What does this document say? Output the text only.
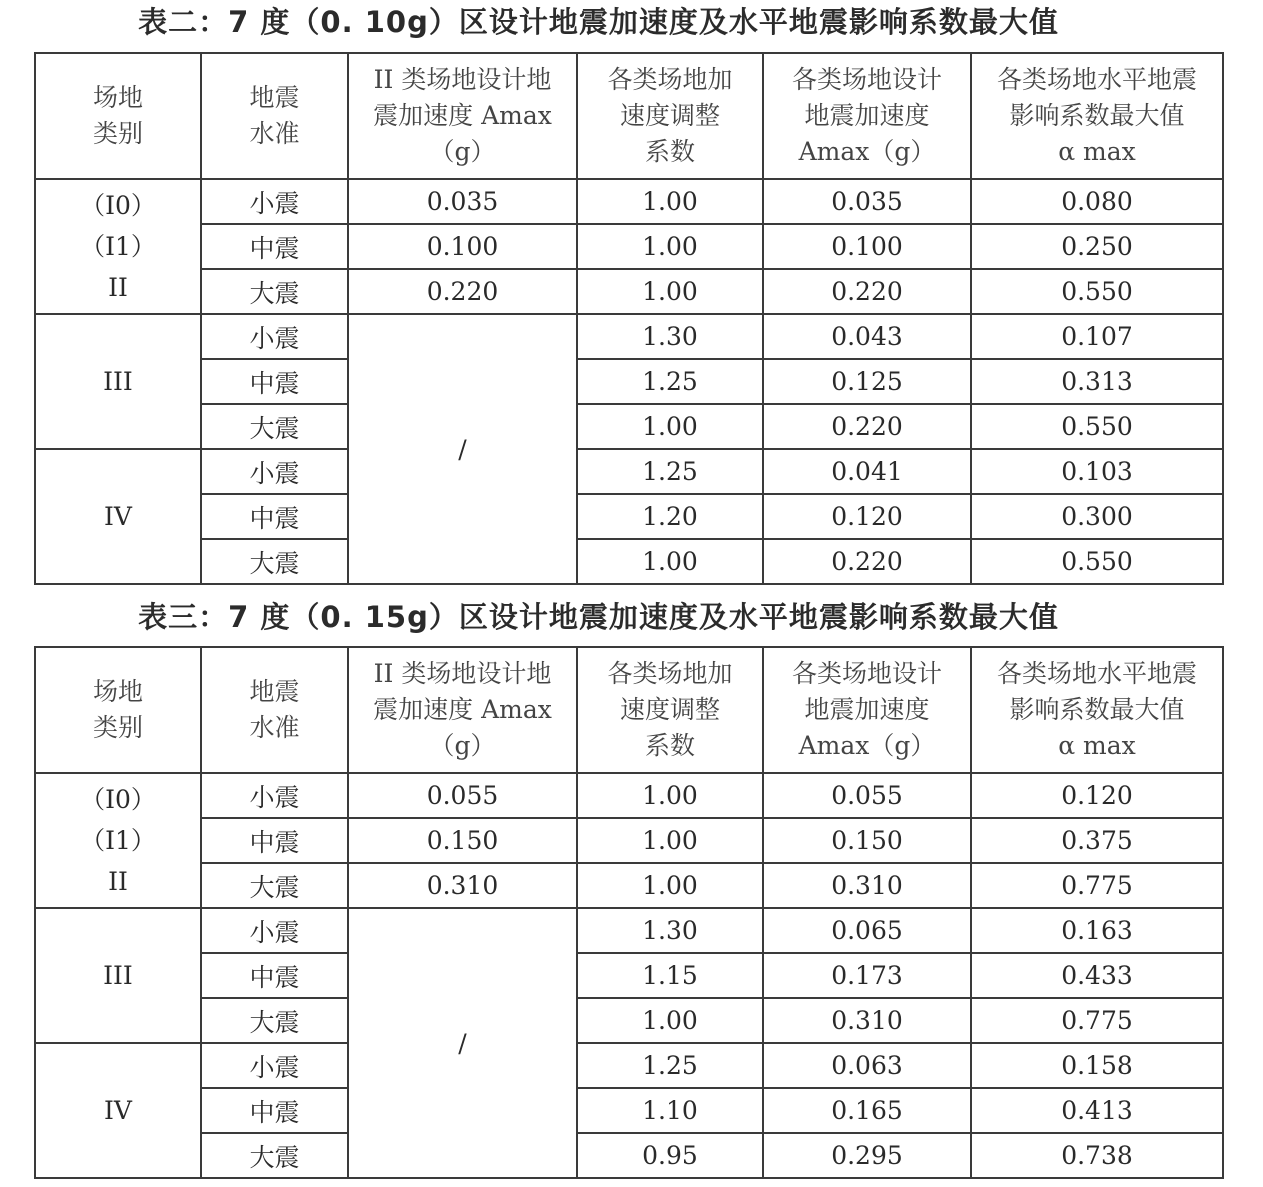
表二：7 度（0. 10g）区设计地震加速度及水平地震影响系数最大值
场地
类别	地震
水准	II 类场地设计地
震加速度 Amax
（g）	各类场地加
速度调整
系数	各类场地设计
地震加速度
Amax（g）	各类场地水平地震
影响系数最大值
α max

（I0）
（I1）
II	小震	0.035	1.00	0.035	0.080
	中震	0.100	1.00	0.100	0.250
	大震	0.220	1.00	0.220	0.550

III	小震	/	1.30	0.043	0.107
	中震		1.25	0.125	0.313
	大震		1.00	0.220	0.550

IV	小震		1.25	0.041	0.103
	中震		1.20	0.120	0.300
	大震		1.00	0.220	0.550
表三：7 度（0. 15g）区设计地震加速度及水平地震影响系数最大值
场地
类别	地震
水准	II 类场地设计地
震加速度 Amax
（g）	各类场地加
速度调整
系数	各类场地设计
地震加速度
Amax（g）	各类场地水平地震
影响系数最大值
α max

（I0）
（I1）
II	小震	0.055	1.00	0.055	0.120
	中震	0.150	1.00	0.150	0.375
	大震	0.310	1.00	0.310	0.775

III	小震	/	1.30	0.065	0.163
	中震		1.15	0.173	0.433
	大震		1.00	0.310	0.775

IV	小震		1.25	0.063	0.158
	中震		1.10	0.165	0.413
	大震		0.95	0.295	0.738
